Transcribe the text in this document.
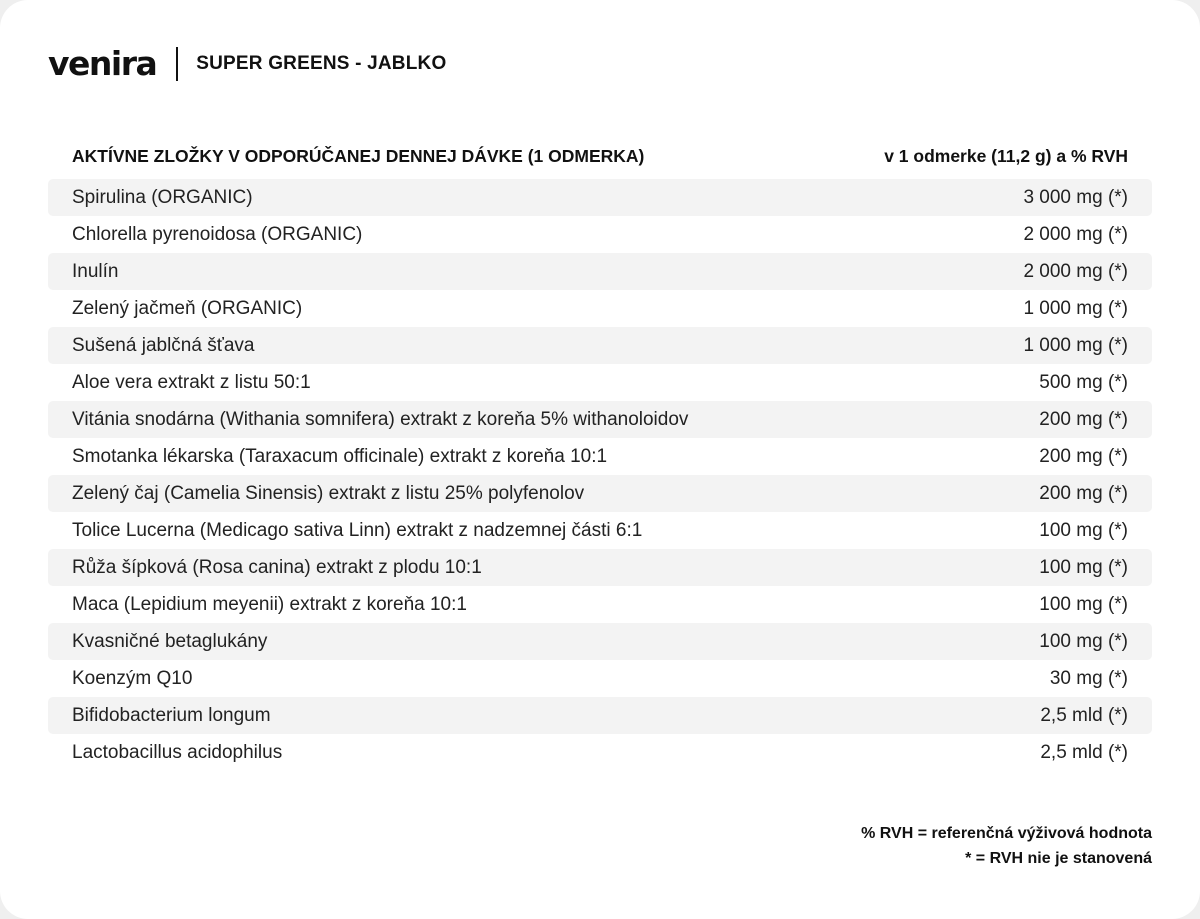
venira SUPER GREENS - JABLKO
AKTÍVNE ZLOŽKY V ODPORÚČANEJ DENNEJ DÁVKE (1 ODMERKA)	v 1 odmerke (11,2 g) a % RVH
Spirulina (ORGANIC)	3 000 mg (*)
Chlorella pyrenoidosa (ORGANIC)	2 000 mg (*)
Inulín	2 000 mg (*)
Zelený jačmeň (ORGANIC)	1 000 mg (*)
Sušená jablčná šťava	1 000 mg (*)
Aloe vera extrakt z listu 50:1	500 mg (*)
Vitánia snodárna (Withania somnifera) extrakt z koreňa 5% withanoloidov	200 mg (*)
Smotanka lékarska (Taraxacum officinale) extrakt z koreňa 10:1	200 mg (*)
Zelený čaj (Camelia Sinensis) extrakt z listu 25% polyfenolov	200 mg (*)
Tolice Lucerna (Medicago sativa Linn) extrakt z nadzemnej části 6:1	100 mg (*)
Růža šípková (Rosa canina) extrakt z plodu 10:1	100 mg (*)
Maca (Lepidium meyenii) extrakt z koreňa 10:1	100 mg (*)
Kvasničné betaglukány	100 mg (*)
Koenzým Q10	30 mg (*)
Bifidobacterium longum	2,5 mld (*)
Lactobacillus acidophilus	2,5 mld (*)
% RVH = referenčná výživová hodnota
* = RVH nie je stanovená
